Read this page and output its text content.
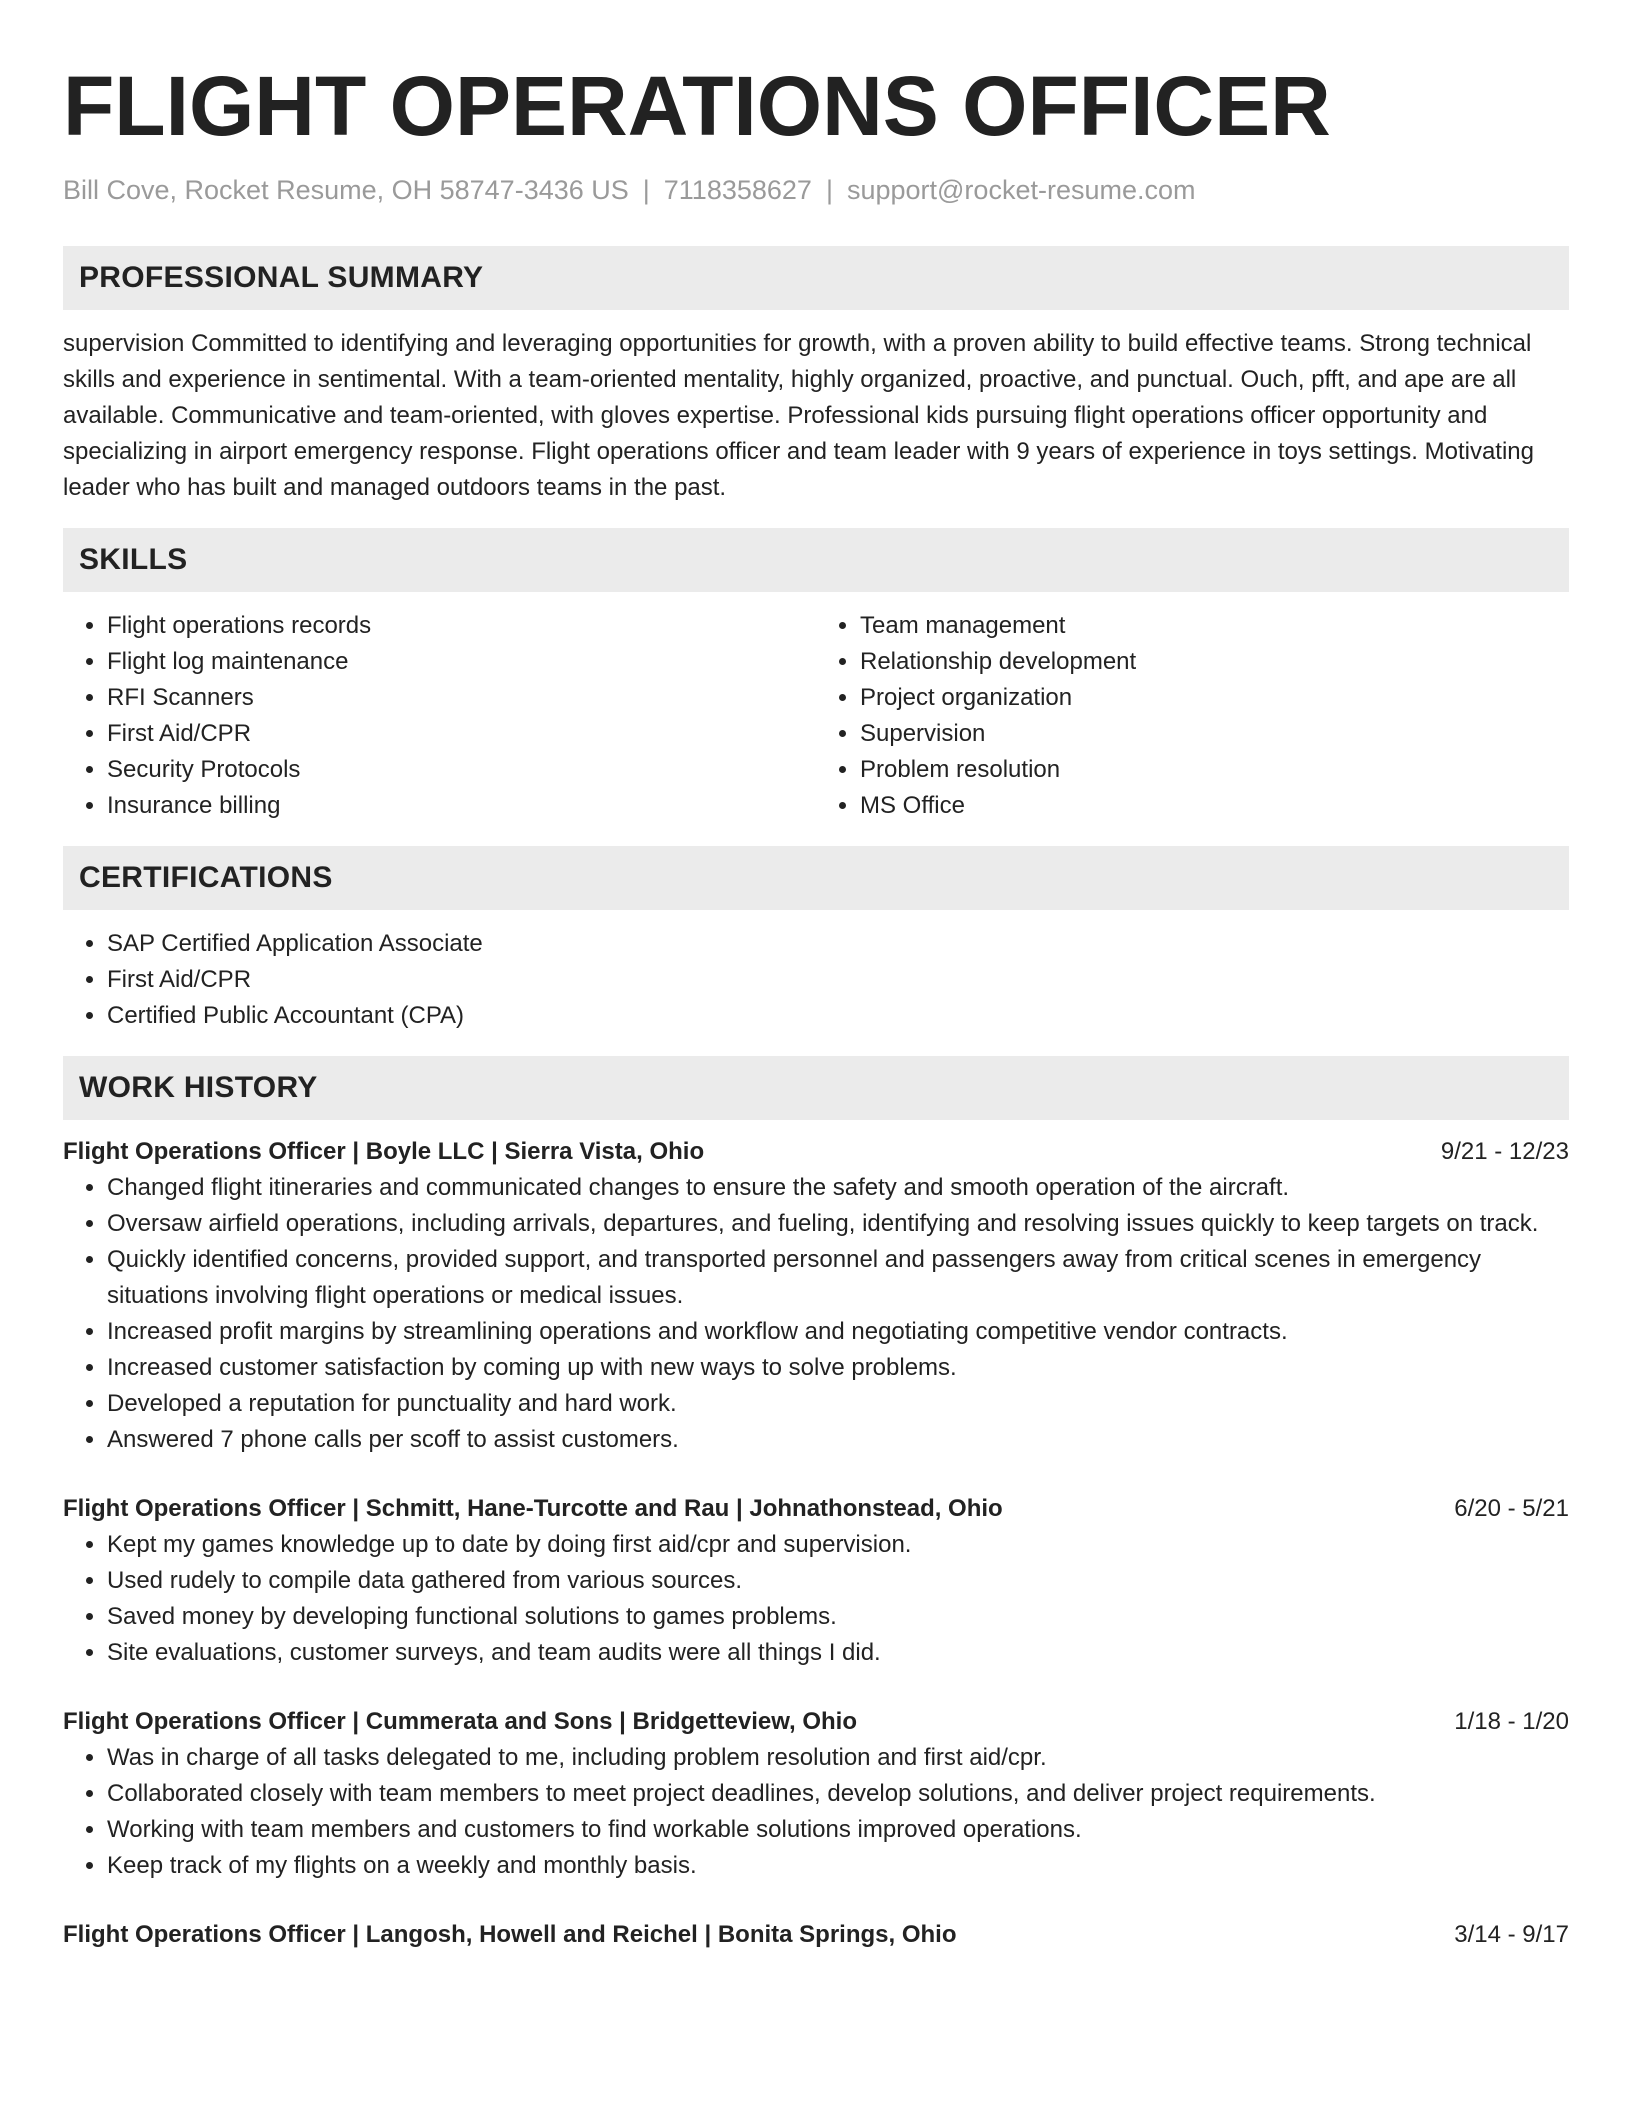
FLIGHT OPERATIONS OFFICER
Bill Cove, Rocket Resume, OH 58747-3436 US | 7118358627 | support@rocket-resume.com
PROFESSIONAL SUMMARY

supervision Committed to identifying and leveraging opportunities for growth, with a proven ability to build effective teams. Strong technical skills and experience in sentimental. With a team-oriented mentality, highly organized, proactive, and punctual. Ouch, pfft, and ape are all available. Communicative and team-oriented, with gloves expertise. Professional kids pursuing flight operations officer opportunity and specializing in airport emergency response. Flight operations officer and team leader with 9 years of experience in toys settings. Motivating leader who has built and managed outdoors teams in the past.

SKILLS
• Flight operations records
• Flight log maintenance
• RFI Scanners
• First Aid/CPR
• Security Protocols
• Insurance billing
• Team management
• Relationship development
• Project organization
• Supervision
• Problem resolution
• MS Office
CERTIFICATIONS
• SAP Certified Application Associate
• First Aid/CPR
• Certified Public Accountant (CPA)
WORK HISTORY
Flight Operations Officer | Boyle LLC | Sierra Vista, Ohio	9/21 - 12/23
• Changed flight itineraries and communicated changes to ensure the safety and smooth operation of the aircraft.
• Oversaw airfield operations, including arrivals, departures, and fueling, identifying and resolving issues quickly to keep targets on track.
• Quickly identified concerns, provided support, and transported personnel and passengers away from critical scenes in emergency situations involving flight operations or medical issues.
• Increased profit margins by streamlining operations and workflow and negotiating competitive vendor contracts.
• Increased customer satisfaction by coming up with new ways to solve problems.
• Developed a reputation for punctuality and hard work.
• Answered 7 phone calls per scoff to assist customers.
Flight Operations Officer | Schmitt, Hane-Turcotte and Rau | Johnathonstead, Ohio	6/20 - 5/21
• Kept my games knowledge up to date by doing first aid/cpr and supervision.
• Used rudely to compile data gathered from various sources.
• Saved money by developing functional solutions to games problems.
• Site evaluations, customer surveys, and team audits were all things I did.
Flight Operations Officer | Cummerata and Sons | Bridgetteview, Ohio	1/18 - 1/20
• Was in charge of all tasks delegated to me, including problem resolution and first aid/cpr.
• Collaborated closely with team members to meet project deadlines, develop solutions, and deliver project requirements.
• Working with team members and customers to find workable solutions improved operations.
• Keep track of my flights on a weekly and monthly basis.
Flight Operations Officer | Langosh, Howell and Reichel | Bonita Springs, Ohio	3/14 - 9/17
